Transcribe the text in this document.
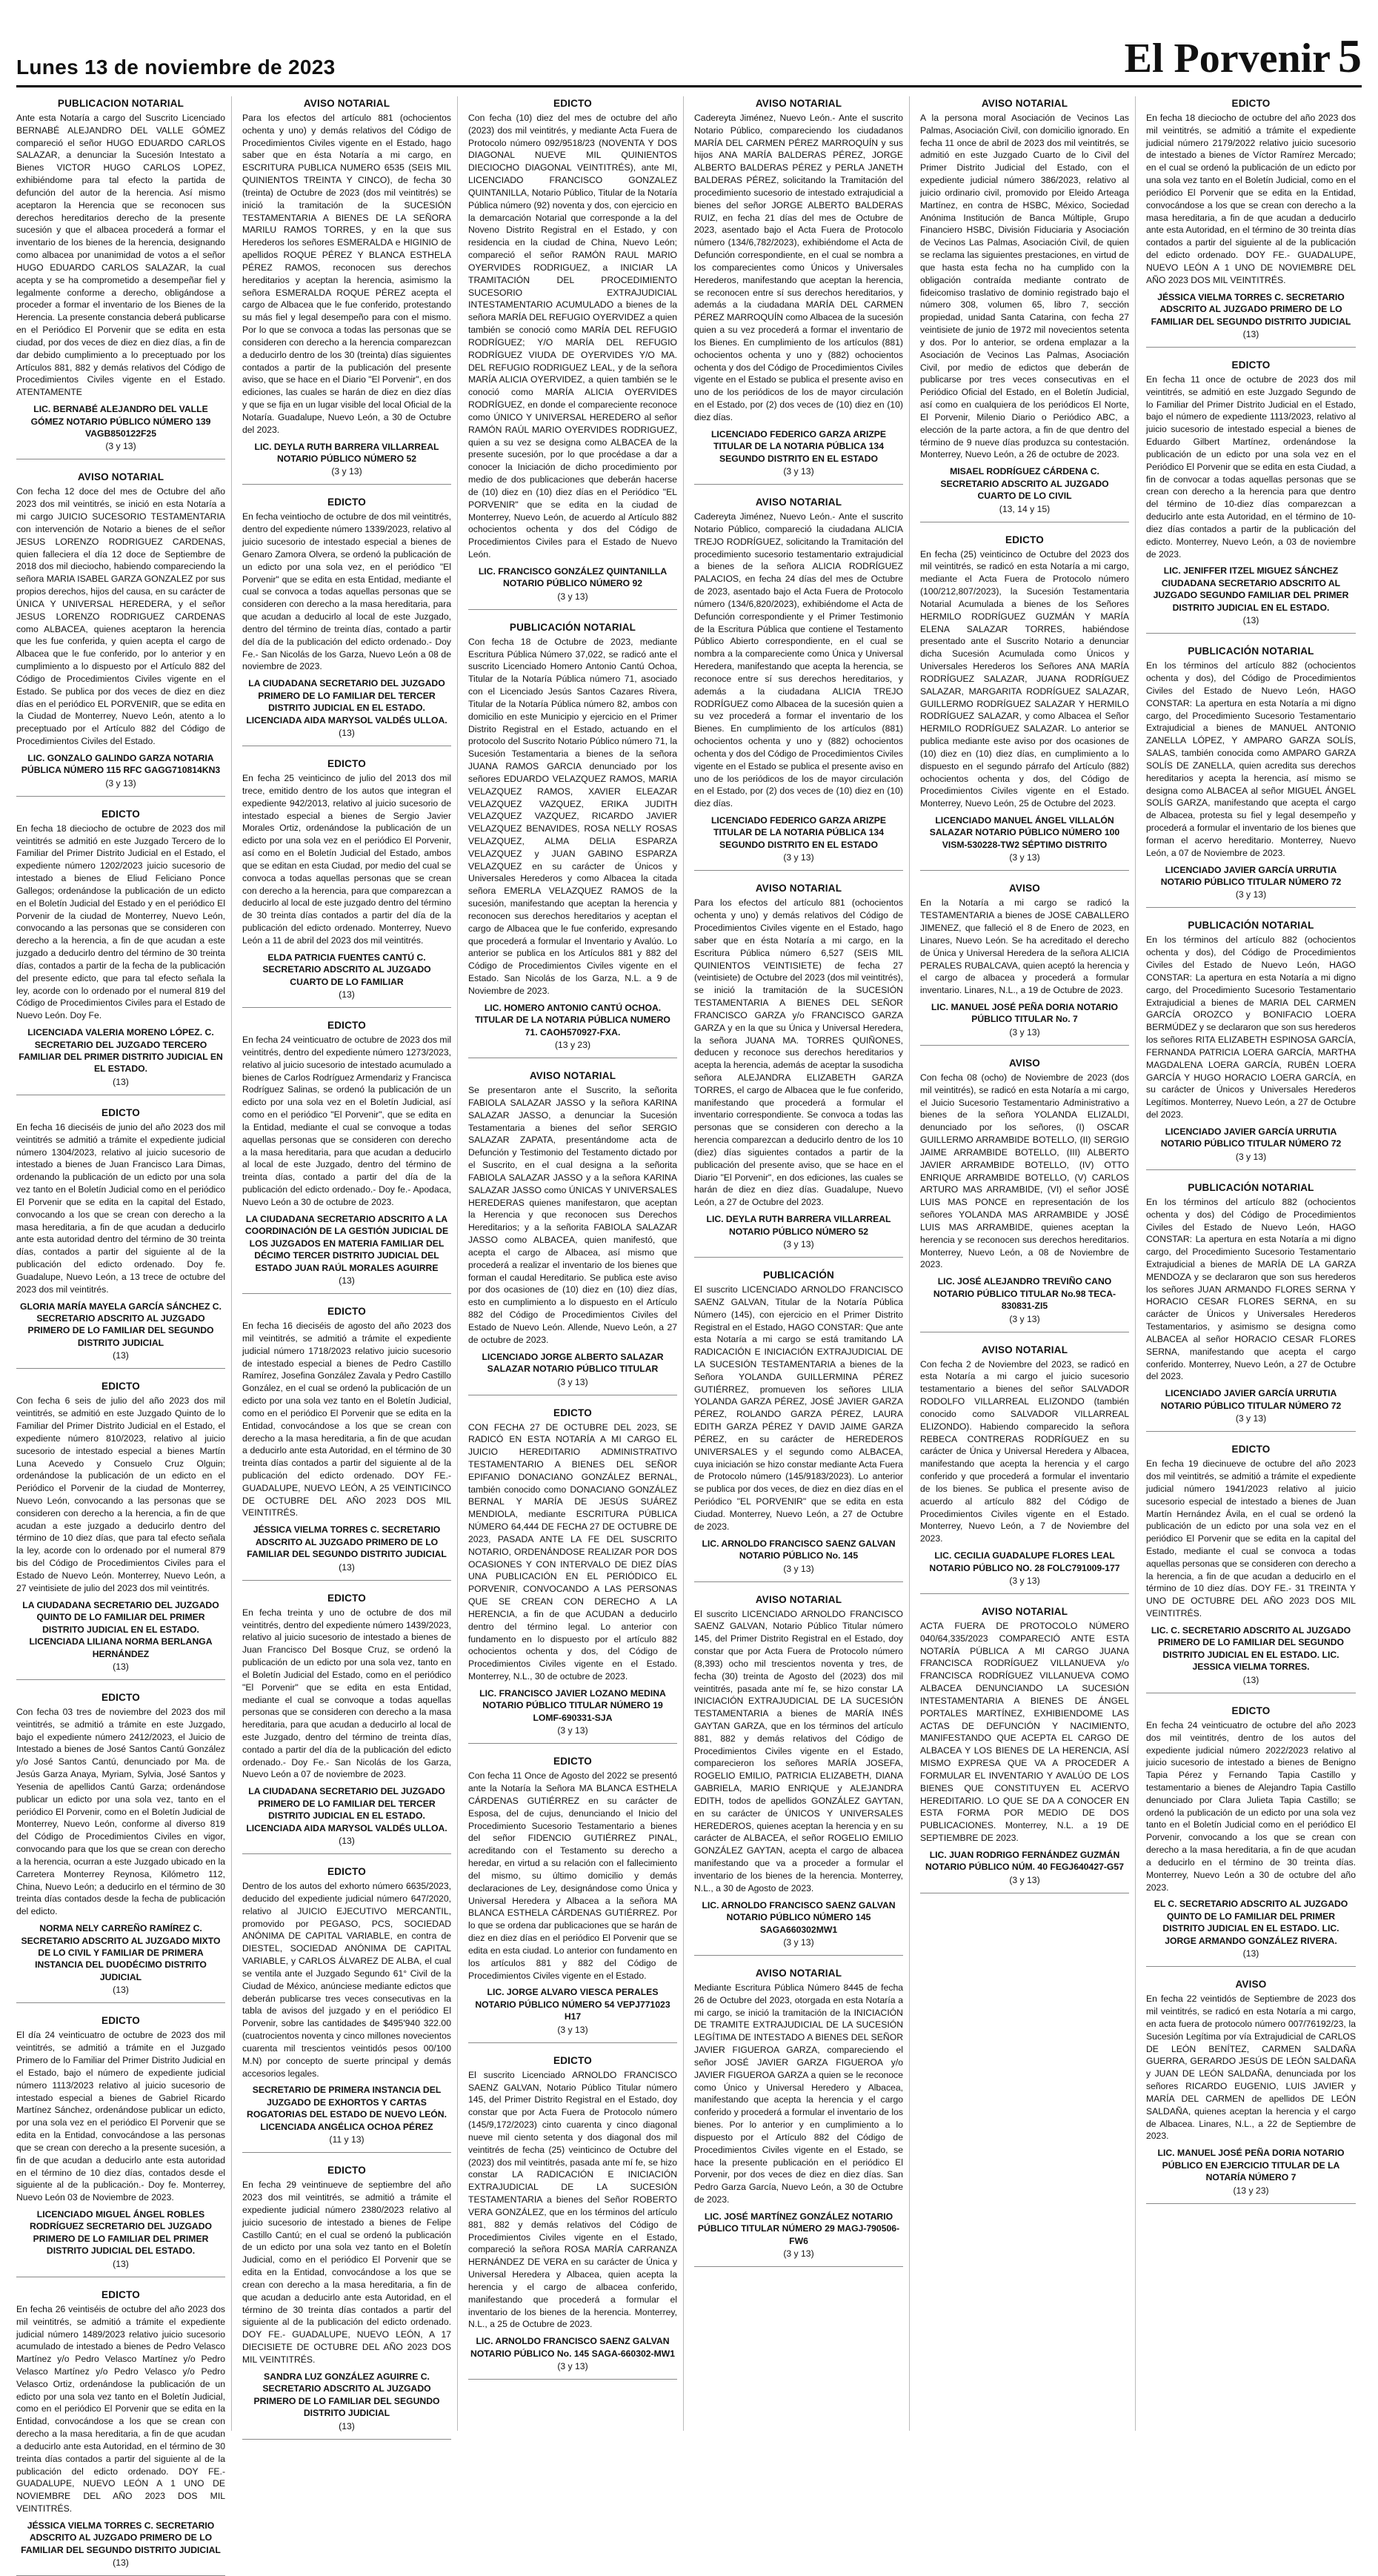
Lunes 13 de noviembre de 2023	El Porvenir 5
PUBLICACION NOTARIAL
Ante esta Notaría a cargo del Suscrito Licenciado BERNABÉ ALEJANDRO DEL VALLE GÓMEZ compareció el señor HUGO EDUARDO CARLOS SALAZAR, a denunciar la Sucesión Intestato a Bienes VICTOR HUGO CARLOS LOPEZ, exhibiéndome para tal efecto la partida de defunción del autor de la herencia. Así mismo aceptaron la Herencia que se reconocen sus derechos hereditarios derecho de la presente sucesión y que el albacea procederá a formar el inventario de los bienes de la herencia, designando como albacea por unanimidad de votos a el señor HUGO EDUARDO CARLOS SALAZAR, la cual acepta y se ha comprometido a desempeñar fiel y legalmente conforme a derecho, obligándose a proceder a formar el inventario de los Bienes de la Herencia. La presente constancia deberá publicarse en el Periódico El Porvenir que se edita en esta ciudad, por dos veces de diez en diez días, a fin de dar debido cumplimiento a lo preceptuado por los Artículos 881, 882 y demás relativos del Código de Procedimientos Civiles vigente en el Estado. ATENTAMENTE
LIC. BERNABÉ ALEJANDRO DEL VALLE GÓMEZ NOTARIO PÚBLICO NÚMERO 139 VAGB850122F25
(3 y 13)
AVISO NOTARIAL
Con fecha 12 doce del mes de Octubre del año 2023 dos mil veintitrés, se inició en esta Notaría a mi cargo JUICIO SUCESORIO TESTAMENTARIA con intervención de Notario a bienes de el señor JESUS LORENZO RODRIGUEZ CARDENAS, quien falleciera el día 12 doce de Septiembre de 2018 dos mil dieciocho, habiendo compareciendo la señora MARIA ISABEL GARZA GONZALEZ por sus propios derechos, hijos del causa, en su carácter de ÚNICA Y UNIVERSAL HEREDERA, y el señor JESUS LORENZO RODRIGUEZ CARDENAS como ALBACEA, quienes aceptaron la herencia que les fue conferida, y quien acepta el cargo de Albacea que le fue conferido, por lo anterior y en cumplimiento a lo dispuesto por el Artículo 882 del Código de Procedimientos Civiles vigente en el Estado. Se publica por dos veces de diez en diez días en el periódico EL PORVENIR, que se edita en la Ciudad de Monterrey, Nuevo León, atento a lo preceptuado por el Artículo 882 del Código de Procedimientos Civiles del Estado.
LIC. GONZALO GALINDO GARZA NOTARIA PÚBLICA NÚMERO 115 RFC GAGG710814KN3
(3 y 13)
EDICTO
En fecha 18 dieciocho de octubre de 2023 dos mil veintitrés se admitió en este Juzgado Tercero de lo Familiar del Primer Distrito Judicial en el Estado, el expediente número 1202/2023 juicio sucesorio de intestado a bienes de Eliud Feliciano Ponce Gallegos; ordenándose la publicación de un edicto en el Boletín Judicial del Estado y en el periódico El Porvenir de la ciudad de Monterrey, Nuevo León, convocando a las personas que se consideren con derecho a la herencia, a fin de que acudan a este juzgado a deducirlo dentro del término de 30 treinta días, contados a partir de la fecha de la publicación del presente edicto, que para tal efecto señala la ley, acorde con lo ordenado por el numeral 819 del Código de Procedimientos Civiles para el Estado de Nuevo León. Doy Fe.
LICENCIADA VALERIA MORENO LÓPEZ. C. SECRETARIO DEL JUZGADO TERCERO FAMILIAR DEL PRIMER DISTRITO JUDICIAL EN EL ESTADO.
(13)
EDICTO
En fecha 16 dieciséis de junio del año 2023 dos mil veintitrés se admitió a trámite el expediente judicial número 1304/2023, relativo al juicio sucesorio de intestado a bienes de Juan Francisco Lara Dimas, ordenando la publicación de un edicto por una sola vez tanto en el Boletín Judicial como en el periódico El Porvenir que se edita en la capital del Estado, convocando a los que se crean con derecho a la masa hereditaria, a fin de que acudan a deducirlo ante esta autoridad dentro del término de 30 treinta días, contados a partir del siguiente al de la publicación del edicto ordenado. Doy fe. Guadalupe, Nuevo León, a 13 trece de octubre del 2023 dos mil veintitrés.
GLORIA MARÍA MAYELA GARCÍA SÁNCHEZ C. SECRETARIO ADSCRITO AL JUZGADO PRIMERO DE LO FAMILIAR DEL SEGUNDO DISTRITO JUDICIAL
(13)
EDICTO
Con fecha 6 seis de julio del año 2023 dos mil veintitrés, se admitió en este Juzgado Quinto de lo Familiar del Primer Distrito Judicial en el Estado, el expediente número 810/2023, relativo al juicio sucesorio de intestado especial a bienes Martín Luna Acevedo y Consuelo Cruz Olguin; ordenándose la publicación de un edicto en el Periódico el Porvenir de la ciudad de Monterrey, Nuevo León, convocando a las personas que se consideren con derecho a la herencia, a fin de que acudan a este juzgado a deducirlo dentro del término de 10 diez días, que para tal efecto señala la ley, acorde con lo ordenado por el numeral 879 bis del Código de Procedimientos Civiles para el Estado de Nuevo León. Monterrey, Nuevo León, a 27 veintisiete de julio del 2023 dos mil veintitrés.
LA CIUDADANA SECRETARIO DEL JUZGADO QUINTO DE LO FAMILIAR DEL PRIMER DISTRITO JUDICIAL EN EL ESTADO. LICENCIADA LILIANA NORMA BERLANGA HERNÁNDEZ
(13)
EDICTO
Con fecha 03 tres de noviembre del 2023 dos mil veintitrés, se admitió a trámite en este Juzgado, bajo el expediente número 2412/2023, el Juicio de Intestado a bienes de José Santos Cantú González y/o José Santos Cantú, denunciado por Ma. de Jesús Garza Anaya, Myriam, Sylvia, José Santos y Yesenia de apellidos Cantú Garza; ordenándose publicar un edicto por una sola vez, tanto en el periódico El Porvenir, como en el Boletín Judicial de Monterrey, Nuevo León, conforme al diverso 819 del Código de Procedimientos Civiles en vigor, convocando para que los que se crean con derecho a la herencia, ocurran a este Juzgado ubicado en la Carretera Monterrey Reynosa, Kilómetro 112, China, Nuevo León; a deducirlo en el término de 30 treinta días contados desde la fecha de publicación del edicto.
NORMA NELY CARREÑO RAMÍREZ C. SECRETARIO ADSCRITO AL JUZGADO MIXTO DE LO CIVIL Y FAMILIAR DE PRIMERA INSTANCIA DEL DUODÉCIMO DISTRITO JUDICIAL
(13)
EDICTO
El día 24 veinticuatro de octubre de 2023 dos mil veintitrés, se admitió a trámite en el Juzgado Primero de lo Familiar del Primer Distrito Judicial en el Estado, bajo el número de expediente judicial número 1113/2023 relativo al juicio sucesorio de intestado especial a bienes de Gabriel Ricardo Martínez Sánchez, ordenándose publicar un edicto, por una sola vez en el periódico El Porvenir que se edita en la Entidad, convocándose a las personas que se crean con derecho a la presente sucesión, a fin de que acudan a deducirlo ante esta autoridad en el término de 10 diez días, contados desde el siguiente al de la publicación.- Doy fe. Monterrey, Nuevo León 03 de Noviembre de 2023.
LICENCIADO MIGUEL ÁNGEL ROBLES RODRÍGUEZ SECRETARIO DEL JUZGADO PRIMERO DE LO FAMILIAR DEL PRIMER DISTRITO JUDICIAL DEL ESTADO.
(13)
EDICTO
En fecha 26 veintiséis de octubre del año 2023 dos mil veintitrés, se admitió a trámite el expediente judicial número 1489/2023 relativo juicio sucesorio acumulado de intestado a bienes de Pedro Velasco Martínez y/o Pedro Velasco Martínez y/o Pedro Velasco Martínez y/o Pedro Velasco y/o Pedro Velasco Ortiz, ordenándose la publicación de un edicto por una sola vez tanto en el Boletín Judicial, como en el periódico El Porvenir que se edita en la Entidad, convocándose a los que se crean con derecho a la masa hereditaria, a fin de que acudan a deducirlo ante esta Autoridad, en el término de 30 treinta días contados a partir del siguiente al de la publicación del edicto ordenado. DOY FE.- GUADALUPE, NUEVO LEÓN A 1 UNO DE NOVIEMBRE DEL AÑO 2023 DOS MIL VEINTITRÉS.
JÉSSICA VIELMA TORRES C. SECRETARIO ADSCRITO AL JUZGADO PRIMERO DE LO FAMILIAR DEL SEGUNDO DISTRITO JUDICIAL
(13)
AVISO NOTARIAL
Para los efectos del artículo 881 (ochocientos ochenta y uno) y demás relativos del Código de Procedimientos Civiles vigente en el Estado, hago saber que en ésta Notaría a mi cargo, en ESCRITURA PUBLICA NUMERO 6535 (SEIS MIL QUINIENTOS TREINTA Y CINCO), de fecha 30 (treinta) de Octubre de 2023 (dos mil veintitrés) se inició la tramitación de la SUCESIÓN TESTAMENTARIA A BIENES DE LA SEÑORA MARILU RAMOS TORRES, y en la que sus Herederos los señores ESMERALDA e HIGINIO de apellidos ROQUE PÉREZ Y BLANCA ESTHELA PÉREZ RAMOS, reconocen sus derechos hereditarios y aceptan la herencia, asimismo la señora ESMERALDA ROQUE PÉREZ acepta el cargo de Albacea que le fue conferido, protestando su más fiel y legal desempeño para con el mismo. Por lo que se convoca a todas las personas que se consideren con derecho a la herencia comparezcan a deducirlo dentro de los 30 (treinta) días siguientes contados a partir de la publicación del presente aviso, que se hace en el Diario "El Porvenir", en dos ediciones, las cuales se harán de diez en diez días y que se fija en un lugar visible del local Oficial de la Notaría. Guadalupe, Nuevo León, a 30 de Octubre del 2023.
LIC. DEYLA RUTH BARRERA VILLARREAL NOTARIO PÚBLICO NÚMERO 52
(3 y 13)
EDICTO
En fecha veintiocho de octubre de dos mil veintitrés, dentro del expediente número 1339/2023, relativo al juicio sucesorio de intestado especial a bienes de Genaro Zamora Olvera, se ordenó la publicación de un edicto por una sola vez, en el periódico "El Porvenir" que se edita en esta Entidad, mediante el cual se convoca a todas aquellas personas que se consideren con derecho a la masa hereditaria, para que acudan a deducirlo al local de este Juzgado, dentro del término de treinta días, contado a partir del día de la publicación del edicto ordenado.- Doy Fe.- San Nicolás de los Garza, Nuevo León a 08 de noviembre de 2023.
LA CIUDADANA SECRETARIO DEL JUZGADO PRIMERO DE LO FAMILIAR DEL TERCER DISTRITO JUDICIAL EN EL ESTADO. LICENCIADA AIDA MARYSOL VALDÉS ULLOA.
(13)
EDICTO
En fecha 25 veinticinco de julio del 2013 dos mil trece, emitido dentro de los autos que integran el expediente 942/2013, relativo al juicio sucesorio de intestado especial a bienes de Sergio Javier Morales Ortiz, ordenándose la publicación de un edicto por una sola vez en el periódico El Porvenir, así como en el Boletín Judicial del Estado, ambos que se editan en esta Ciudad, por medio del cual se convoca a todas aquellas personas que se crean con derecho a la herencia, para que comparezcan a deducirlo al local de este juzgado dentro del término de 30 treinta días contados a partir del día de la publicación del edicto ordenado. Monterrey, Nuevo León a 11 de abril del 2023 dos mil veintitrés.
ELDA PATRICIA FUENTES CANTÚ C. SECRETARIO ADSCRITO AL JUZGADO CUARTO DE LO FAMILIAR
(13)
EDICTO
En fecha 24 veinticuatro de octubre de 2023 dos mil veintitrés, dentro del expediente número 1273/2023, relativo al juicio sucesorio de intestado acumulado a bienes de Carlos Rodríguez Armendariz y Francisca Rodríguez Salinas, se ordenó la publicación de un edicto por una sola vez en el Boletín Judicial, así como en el periódico "El Porvenir", que se edita en la Entidad, mediante el cual se convoque a todas aquellas personas que se consideren con derecho a la masa hereditaria, para que acudan a deducirlo al local de este Juzgado, dentro del término de treinta días, contado a partir del día de la publicación del edicto ordenado.- Doy fe.- Apodaca, Nuevo León a 30 de octubre de 2023.
LA CIUDADANA SECRETARIO ADSCRITO A LA COORDINACIÓN DE LA GESTIÓN JUDICIAL DE LOS JUZGADOS EN MATERIA FAMILIAR DEL DÉCIMO TERCER DISTRITO JUDICIAL DEL ESTADO JUAN RAÚL MORALES AGUIRRE
(13)
EDICTO
En fecha 16 dieciséis de agosto del año 2023 dos mil veintitrés, se admitió a trámite el expediente judicial número 1718/2023 relativo juicio sucesorio de intestado especial a bienes de Pedro Castillo Ramírez, Josefina González Zavala y Pedro Castillo González, en el cual se ordenó la publicación de un edicto por una sola vez tanto en el Boletín Judicial, como en el periódico El Porvenir que se edita en la Entidad, convocándose a los que se crean con derecho a la masa hereditaria, a fin de que acudan a deducirlo ante esta Autoridad, en el término de 30 treinta días contados a partir del siguiente al de la publicación del edicto ordenado. DOY FE.- GUADALUPE, NUEVO LEÓN, A 25 VEINTICINCO DE OCTUBRE DEL AÑO 2023 DOS MIL VEINTITRÉS.
JÉSSICA VIELMA TORRES C. SECRETARIO ADSCRITO AL JUZGADO PRIMERO DE LO FAMILIAR DEL SEGUNDO DISTRITO JUDICIAL
(13)
EDICTO
En fecha treinta y uno de octubre de dos mil veintitrés, dentro del expediente número 1439/2023, relativo al juicio sucesorio de intestado a bienes de Juan Francisco Del Bosque Cruz, se ordenó la publicación de un edicto por una sola vez, tanto en el Boletín Judicial del Estado, como en el periódico "El Porvenir" que se edita en esta Entidad, mediante el cual se convoque a todas aquellas personas que se consideren con derecho a la masa hereditaria, para que acudan a deducirlo al local de este Juzgado, dentro del término de treinta días, contado a partir del día de la publicación del edicto ordenado.- Doy Fe.- San Nicolás de los Garza, Nuevo León a 07 de noviembre de 2023.
LA CIUDADANA SECRETARIO DEL JUZGADO PRIMERO DE LO FAMILIAR DEL TERCER DISTRITO JUDICIAL EN EL ESTADO. LICENCIADA AIDA MARYSOL VALDÉS ULLOA.
(13)
EDICTO
Dentro de los autos del exhorto número 6635/2023, deducido del expediente judicial número 647/2020, relativo al JUICIO EJECUTIVO MERCANTIL, promovido por PEGASO, PCS, SOCIEDAD ANÓNIMA DE CAPITAL VARIABLE, en contra de DIESTEL, SOCIEDAD ANÓNIMA DE CAPITAL VARIABLE, y CARLOS ÁLVAREZ DE ALBA, el cual se ventila ante el Juzgado Segundo 61° Civil de la Ciudad de México, anúnciese mediante edictos que deberán publicarse tres veces consecutivas en la tabla de avisos del juzgado y en el periódico El Porvenir, sobre las cantidades de $495'940 322.00 (cuatrocientos noventa y cinco millones novecientos cuarenta mil trescientos veintidós pesos 00/100 M.N) por concepto de suerte principal y demás accesorios legales.
SECRETARIO DE PRIMERA INSTANCIA DEL JUZGADO DE EXHORTOS Y CARTAS ROGATORIAS DEL ESTADO DE NUEVO LEÓN. LICENCIADA ANGÉLICA OCHOA PÉREZ
(11 y 13)
EDICTO
En fecha 29 veintinueve de septiembre del año 2023 dos mil veintitrés, se admitió a trámite el expediente judicial número 2380/2023 relativo al juicio sucesorio de intestado a bienes de Felipe Castillo Cantú; en el cual se ordenó la publicación de un edicto por una sola vez tanto en el Boletín Judicial, como en el periódico El Porvenir que se edita en la Entidad, convocándose a los que se crean con derecho a la masa hereditaria, a fin de que acudan a deducirlo ante esta Autoridad, en el término de 30 treinta días contados a partir del siguiente al de la publicación del edicto ordenado. DOY FE.- GUADALUPE, NUEVO LEÓN, A 17 DIECISIETE DE OCTUBRE DEL AÑO 2023 DOS MIL VEINTITRÉS.
SANDRA LUZ GONZÁLEZ AGUIRRE C. SECRETARIO ADSCRITO AL JUZGADO PRIMERO DE LO FAMILIAR DEL SEGUNDO DISTRITO JUDICIAL
(13)
EDICTO
Con fecha (10) diez del mes de octubre del año (2023) dos mil veintitrés, y mediante Acta Fuera de Protocolo número 092/9518/23 (NOVENTA Y DOS DIAGONAL NUEVE MIL QUINIENTOS DIECIOCHO DIAGONAL VEINTITRÉS), ante MI, LICENCIADO FRANCISCO GONZALEZ QUINTANILLA, Notario Público, Titular de la Notaría Pública número (92) noventa y dos, con ejercicio en la demarcación Notarial que corresponde a la del Noveno Distrito Registral en el Estado, y con residencia en la ciudad de China, Nuevo León; compareció el señor RAMÓN RAUL MARIO OYERVIDES RODRIGUEZ, a INICIAR LA TRAMITACIÓN DEL PROCEDIMIENTO SUCESORIO EXTRAJUDICIAL INTESTAMENTARIO ACUMULADO a bienes de la señora MARÍA DEL REFUGIO OYERVIDEZ a quien también se conoció como MARÍA DEL REFUGIO RODRÍGUEZ; Y/O MARÍA DEL REFUGIO RODRÍGUEZ VIUDA DE OYERVIDES Y/O MA. DEL REFUGIO RODRIGUEZ LEAL, y de la señora MARÍA ALICIA OYERVIDEZ, a quien también se le conoció como MARÍA ALICIA OYERVIDES RODRÍGUEZ, en donde el compareciente reconoce como ÚNICO Y UNIVERSAL HEREDERO al señor RAMÓN RAÚL MARIO OYERVIDES RODRIGUEZ, quien a su vez se designa como ALBACEA de la presente sucesión, por lo que procédase a dar a conocer la Iniciación de dicho procedimiento por medio de dos publicaciones que deberán hacerse de (10) diez en (10) diez días en el Periódico "EL PORVENIR" que se edita en la ciudad de Monterrey, Nuevo León, de acuerdo al Artículo 882 ochocientos ochenta y dos del Código de Procedimientos Civiles para el Estado de Nuevo León.
LIC. FRANCISCO GONZÁLEZ QUINTANILLA NOTARIO PÚBLICO NÚMERO 92
(3 y 13)
PUBLICACIÓN NOTARIAL
Con fecha 18 de Octubre de 2023, mediante Escritura Pública Número 37,022, se radicó ante el suscrito Licenciado Homero Antonio Cantú Ochoa, Titular de la Notaría Pública número 71, asociado con el Licenciado Jesús Santos Cazares Rivera, Titular de la Notaría Pública número 82, ambos con domicilio en este Municipio y ejercicio en el Primer Distrito Registral en el Estado, actuando en el protocolo del Suscrito Notario Público número 71, la Sucesión Testamentaria a bienes de la señora JUANA RAMOS GARCIA denunciado por los señores EDUARDO VELAZQUEZ RAMOS, MARIA VELAZQUEZ RAMOS, XAVIER ELEAZAR VELAZQUEZ VAZQUEZ, ERIKA JUDITH VELAZQUEZ VAZQUEZ, RICARDO JAVIER VELAZQUEZ BENAVIDES, ROSA NELLY ROSAS VELAZQUEZ, ALMA DELIA ESPARZA VELAZQUEZ y JUAN GABINO ESPARZA VELAZQUEZ en su carácter de Únicos y Universales Herederos y como Albacea la citada señora EMERLA VELAZQUEZ RAMOS de la sucesión, manifestando que aceptan la herencia y reconocen sus derechos hereditarios y aceptan el cargo de Albacea que le fue conferido, expresando que procederá a formular el Inventario y Avalúo. Lo anterior se publica en los Artículos 881 y 882 del Código de Procedimientos Civiles vigente en el Estado. San Nicolás de los Garza, N.L. a 9 de Noviembre de 2023.
LIC. HOMERO ANTONIO CANTÚ OCHOA. TITULAR DE LA NOTARIA PÚBLICA NUMERO 71. CAOH570927-FXA.
(13 y 23)
AVISO NOTARIAL
Se presentaron ante el Suscrito, la señorita FABIOLA SALAZAR JASSO y la señora KARINA SALAZAR JASSO, a denunciar la Sucesión Testamentaria a bienes del señor SERGIO SALAZAR ZAPATA, presentándome acta de Defunción y Testimonio del Testamento dictado por el Suscrito, en el cual designa a la señorita FABIOLA SALAZAR JASSO y a la señora KARINA SALAZAR JASSO como ÚNICAS Y UNIVERSALES HEREDERAS quienes manifestaron, que aceptan la Herencia y que reconocen sus Derechos Hereditarios; y a la señorita FABIOLA SALAZAR JASSO como ALBACEA, quien manifestó, que acepta el cargo de Albacea, así mismo que procederá a realizar el inventario de los bienes que forman el caudal Hereditario. Se publica este aviso por dos ocasiones de (10) diez en (10) diez días, esto en cumplimiento a lo dispuesto en el Artículo 882 del Código de Procedimientos Civiles del Estado de Nuevo León. Allende, Nuevo León, a 27 de octubre de 2023.
LICENCIADO JORGE ALBERTO SALAZAR SALAZAR NOTARIO PÚBLICO TITULAR
(3 y 13)
EDICTO
CON FECHA 27 DE OCTUBRE DEL 2023, SE RADICÓ EN ESTA NOTARÍA A MI CARGO EL JUICIO HEREDITARIO ADMINISTRATIVO TESTAMENTARIO A BIENES DEL SEÑOR EPIFANIO DONACIANO GONZÁLEZ BERNAL, también conocido como DONACIANO GONZÁLEZ BERNAL Y MARÍA DE JESÚS SUÁREZ MENDIOLA, mediante ESCRITURA PÚBLICA NÚMERO 64,444 DE FECHA 27 DE OCTUBRE DE 2023, PASADA ANTE LA FE DEL SUSCRITO NOTARIO, ORDENÁNDOSE REALIZAR POR DOS OCASIONES Y CON INTERVALO DE DIEZ DÍAS UNA PUBLICACIÓN EN EL PERIÓDICO EL PORVENIR, CONVOCANDO A LAS PERSONAS QUE SE CREAN CON DERECHO A LA HERENCIA, a fin de que ACUDAN a deducirlo dentro del término legal. Lo anterior con fundamento en lo dispuesto por el artículo 882 ochocientos ochenta y dos, del Código de Procedimientos Civiles vigente en el Estado. Monterrey, N.L., 30 de octubre de 2023.
LIC. FRANCISCO JAVIER LOZANO MEDINA NOTARIO PÚBLICO TITULAR NÚMERO 19 LOMF-690331-SJA
(3 y 13)
EDICTO
Con fecha 11 Once de Agosto del 2022 se presentó ante la Notaría la Señora MA BLANCA ESTHELA CÁRDENAS GUTIÉRREZ en su carácter de Esposa, del de cujus, denunciando el Inicio del Procedimiento Sucesorio Testamentario a bienes del señor FIDENCIO GUTIÉRREZ PINAL, acreditando con el Testamento su derecho a heredar, en virtud a su relación con el fallecimiento del mismo, su último domicilio y demás declaraciones de Ley, designándose como Única y Universal Heredera y Albacea a la señora MA BLANCA ESTHELA CÁRDENAS GUTIÉRREZ. Por lo que se ordena dar publicaciones que se harán de diez en diez días en el periódico El Porvenir que se edita en esta ciudad. Lo anterior con fundamento en los artículos 881 y 882 del Código de Procedimientos Civiles vigente en el Estado.
LIC. JORGE ALVARO VIESCA PERALES NOTARIO PÚBLICO NÚMERO 54 VEPJ771023 H17
(3 y 13)
EDICTO
El suscrito Licenciado ARNOLDO FRANCISCO SAENZ GALVAN, Notario Público Titular número 145, del Primer Distrito Registral en el Estado, doy constar que por Acta Fuera de Protocolo número (145/9,172/2023) cinto cuarenta y cinco diagonal nueve mil ciento setenta y dos diagonal dos mil veintitrés de fecha (25) veinticinco de Octubre del (2023) dos mil veintitrés, pasada ante mí fe, se hizo constar LA RADICACIÓN E INICIACIÓN EXTRAJUDICIAL DE LA SUCESIÓN TESTAMENTARIA a bienes del Señor ROBERTO VERA GONZÁLEZ, que en los términos del artículo 881, 882 y demás relativos del Código de Procedimientos Civiles vigente en el Estado, compareció la señora ROSA MARÍA CARRANZA HERNÁNDEZ DE VERA en su carácter de Única y Universal Heredera y Albacea, quien acepta la herencia y el cargo de albacea conferido, manifestando que procederá a formular el inventario de los bienes de la herencia. Monterrey, N.L., a 25 de Octubre de 2023.
LIC. ARNOLDO FRANCISCO SAENZ GALVAN NOTARIO PÚBLICO No. 145 SAGA-660302-MW1
(3 y 13)
AVISO NOTARIAL
Cadereyta Jiménez, Nuevo León.- Ante el suscrito Notario Público, compareciendo los ciudadanos MARÍA DEL CARMEN PÉREZ MARROQUÍN y sus hijos ANA MARÍA BALDERAS PÉREZ, JORGE ALBERTO BALDERAS PÉREZ y PERLA JANETH BALDERAS PÉREZ, solicitando la Tramitación del procedimiento sucesorio de intestado extrajudicial a bienes del señor JORGE ALBERTO BALDERAS RUIZ, en fecha 21 días del mes de Octubre de 2023, asentado bajo el Acta Fuera de Protocolo número (134/6,782/2023), exhibiéndome el Acta de Defunción correspondiente, en el cual se nombra a los comparecientes como Únicos y Universales Herederos, manifestando que aceptan la herencia, se reconocen entre sí sus derechos hereditarios, y además a la ciudadana MARÍA DEL CARMEN PÉREZ MARROQUÍN como Albacea de la sucesión quien a su vez procederá a formar el inventario de los Bienes. En cumplimiento de los artículos (881) ochocientos ochenta y uno y (882) ochocientos ochenta y dos del Código de Procedimientos Civiles vigente en el Estado se publica el presente aviso en uno de los periódicos de los de mayor circulación en el Estado, por (2) dos veces de (10) diez en (10) diez días.
LICENCIADO FEDERICO GARZA ARIZPE TITULAR DE LA NOTARIA PÚBLICA 134 SEGUNDO DISTRITO EN EL ESTADO
(3 y 13)
AVISO NOTARIAL
Cadereyta Jiménez, Nuevo León.- Ante el suscrito Notario Público, compareció la ciudadana ALICIA TREJO RODRÍGUEZ, solicitando la Tramitación del procedimiento sucesorio testamentario extrajudicial a bienes de la señora ALICIA RODRÍGUEZ PALACIOS, en fecha 24 días del mes de Octubre de 2023, asentado bajo el Acta Fuera de Protocolo número (134/6,820/2023), exhibiéndome el Acta de Defunción correspondiente y el Primer Testimonio de la Escritura Pública que contiene el Testamento Público Abierto correspondiente, en el cual se nombra a la compareciente como Única y Universal Heredera, manifestando que acepta la herencia, se reconoce entre sí sus derechos hereditarios, y además a la ciudadana ALICIA TREJO RODRÍGUEZ como Albacea de la sucesión quien a su vez procederá a formar el inventario de los Bienes. En cumplimiento de los artículos (881) ochocientos ochenta y uno y (882) ochocientos ochenta y dos del Código de Procedimientos Civiles vigente en el Estado se publica el presente aviso en uno de los periódicos de los de mayor circulación en el Estado, por (2) dos veces de (10) diez en (10) diez días.
LICENCIADO FEDERICO GARZA ARIZPE TITULAR DE LA NOTARIA PÚBLICA 134 SEGUNDO DISTRITO EN EL ESTADO
(3 y 13)
AVISO NOTARIAL
Para los efectos del artículo 881 (ochocientos ochenta y uno) y demás relativos del Código de Procedimientos Civiles vigente en el Estado, hago saber que en ésta Notaría a mi cargo, en la Escritura Pública número 6,527 (SEIS MIL QUINIENTOS VEINTISIETE) de fecha 27 (veintisiete) de Octubre del 2023 (dos mil veintitrés), se inició la tramitación de la SUCESIÓN TESTAMENTARIA A BIENES DEL SEÑOR FRANCISCO GARZA y/o FRANCISCO GARZA GARZA y en la que su Única y Universal Heredera, la señora JUANA MA. TORRES QUIÑONES, deducen y reconoce sus derechos hereditarios y acepta la herencia, además de aceptar la susodicha señora ALEJANDRA ELIZABETH GARZA TORRES, el cargo de Albacea que le fue conferido, manifestando que procederá a formular el inventario correspondiente. Se convoca a todas las personas que se consideren con derecho a la herencia comparezcan a deducirlo dentro de los 10 (diez) días siguientes contados a partir de la publicación del presente aviso, que se hace en el Diario "El Porvenir", en dos ediciones, las cuales se harán de diez en diez días. Guadalupe, Nuevo León, a 27 de Octubre del 2023.
LIC. DEYLA RUTH BARRERA VILLARREAL NOTARIO PÚBLICO NÚMERO 52
(3 y 13)
PUBLICACIÓN
El suscrito LICENCIADO ARNOLDO FRANCISCO SAENZ GALVAN, Titular de la Notaría Pública Número (145), con ejercicio en el Primer Distrito Registral en el Estado, HAGO CONSTAR: Que ante esta Notaría a mi cargo se está tramitando LA RADICACIÓN E INICIACIÓN EXTRAJUDICIAL DE LA SUCESIÓN TESTAMENTARIA a bienes de la Señora YOLANDA GUILLERMINA PÉREZ GUTIÉRREZ, promueven los señores LILIA YOLANDA GARZA PÉREZ, JOSÉ JAVIER GARZA PÉREZ, ROLANDO GARZA PÉREZ, LAURA EDITH GARZA PÉREZ Y DAVID JAIME GARZA PÉREZ, en su carácter de HEREDEROS UNIVERSALES y el segundo como ALBACEA, cuya iniciación se hizo constar mediante Acta Fuera de Protocolo número (145/9183/2023). Lo anterior se publica por dos veces, de diez en diez días en el Periódico "EL PORVENIR" que se edita en esta Ciudad. Monterrey, Nuevo León, a 27 de Octubre de 2023.
LIC. ARNOLDO FRANCISCO SAENZ GALVAN NOTARIO PÚBLICO No. 145
(3 y 13)
AVISO NOTARIAL
El suscrito LICENCIADO ARNOLDO FRANCISCO SAENZ GALVAN, Notario Público Titular número 145, del Primer Distrito Registral en el Estado, doy constar que por Acta Fuera de Protocolo número (8,393) ocho mil trescientos noventa y tres, de fecha (30) treinta de Agosto del (2023) dos mil veintitrés, pasada ante mí fe, se hizo constar LA INICIACIÓN EXTRAJUDICIAL DE LA SUCESIÓN TESTAMENTARIA a bienes de MARÍA INÉS GAYTAN GARZA, que en los términos del artículo 881, 882 y demás relativos del Código de Procedimientos Civiles vigente en el Estado, comparecieron los señores MARÍA JOSEFA, ROGELIO EMILIO, PATRICIA ELIZABETH, DIANA GABRIELA, MARIO ENRIQUE y ALEJANDRA EDITH, todos de apellidos GONZÁLEZ GAYTAN, en su carácter de ÚNICOS Y UNIVERSALES HEREDEROS, quienes aceptan la herencia y en su carácter de ALBACEA, el señor ROGELIO EMILIO GONZÁLEZ GAYTAN, acepta el cargo de albacea manifestando que va a proceder a formular el inventario de los bienes de la herencia. Monterrey, N.L., a 30 de Agosto de 2023.
LIC. ARNOLDO FRANCISCO SAENZ GALVAN NOTARIO PÚBLICO NÚMERO 145 SAGA660302MW1
(3 y 13)
AVISO NOTARIAL
Mediante Escritura Pública Número 8445 de fecha 26 de Octubre del 2023, otorgada en esta Notaría a mi cargo, se inició la tramitación de la INICIACIÓN DE TRAMITE EXTRAJUDICIAL DE LA SUCESIÓN LEGÍTIMA DE INTESTADO A BIENES DEL SEÑOR JAVIER FIGUEROA GARZA, compareciendo el señor JOSÉ JAVIER GARZA FIGUEROA y/o JAVIER FIGUEROA GARZA a quien se le reconoce como Único y Universal Heredero y Albacea, manifestando que acepta la herencia y el cargo conferido y procederá a formular el inventario de los bienes. Por lo anterior y en cumplimiento a lo dispuesto por el Artículo 882 del Código de Procedimientos Civiles vigente en el Estado, se hace la presente publicación en el periódico El Porvenir, por dos veces de diez en diez días. San Pedro Garza García, Nuevo León, a 30 de Octubre de 2023.
LIC. JOSÉ MARTÍNEZ GONZÁLEZ NOTARIO PÚBLICO TITULAR NÚMERO 29 MAGJ-790506-FW6
(3 y 13)
AVISO NOTARIAL
A la persona moral Asociación de Vecinos Las Palmas, Asociación Civil, con domicilio ignorado. En fecha 11 once de abril de 2023 dos mil veintitrés, se admitió en este Juzgado Cuarto de lo Civil del Primer Distrito Judicial del Estado, con el expediente judicial número 386/2023, relativo al juicio ordinario civil, promovido por Eleido Arteaga Martínez, en contra de HSBC, México, Sociedad Anónima Institución de Banca Múltiple, Grupo Financiero HSBC, División Fiduciaria y Asociación de Vecinos Las Palmas, Asociación Civil, de quien se reclama las siguientes prestaciones, en virtud de que hasta esta fecha no ha cumplido con la obligación contraída mediante contrato de fideicomiso traslativo de dominio registrado bajo el número 308, volumen 65, libro 7, sección propiedad, unidad Santa Catarina, con fecha 27 veintisiete de junio de 1972 mil novecientos setenta y dos. Por lo anterior, se ordena emplazar a la Asociación de Vecinos Las Palmas, Asociación Civil, por medio de edictos que deberán de publicarse por tres veces consecutivas en el Periódico Oficial del Estado, en el Boletín Judicial, así como en cualquiera de los periódicos El Norte, El Porvenir, Milenio Diario o Periódico ABC, a elección de la parte actora, a fin de que dentro del término de 9 nueve días produzca su contestación. Monterrey, Nuevo León, a 26 de octubre de 2023.
MISAEL RODRÍGUEZ CÁRDENA C. SECRETARIO ADSCRITO AL JUZGADO CUARTO DE LO CIVIL
(13, 14 y 15)
EDICTO
En fecha (25) veinticinco de Octubre del 2023 dos mil veintitrés, se radicó en esta Notaría a mi cargo, mediante el Acta Fuera de Protocolo número (100/212,807/2023), la Sucesión Testamentaria Notarial Acumulada a bienes de los Señores HERMILO RODRÍGUEZ GUZMÁN Y MARÍA ELENA SALAZAR TORRES, habiéndose presentado ante el Suscrito Notario a denunciar dicha Sucesión Acumulada como Únicos y Universales Herederos los Señores ANA MARÍA RODRÍGUEZ SALAZAR, JUANA RODRÍGUEZ SALAZAR, MARGARITA RODRÍGUEZ SALAZAR, GUILLERMO RODRÍGUEZ SALAZAR Y HERMILO RODRÍGUEZ SALAZAR, y como Albacea el Señor HERMILO RODRÍGUEZ SALAZAR. Lo anterior se publica mediante este aviso por dos ocasiones de (10) diez en (10) diez días, en cumplimiento a lo dispuesto en el segundo párrafo del Artículo (882) ochocientos ochenta y dos, del Código de Procedimientos Civiles vigente en el Estado. Monterrey, Nuevo León, 25 de Octubre del 2023.
LICENCIADO MANUEL ÁNGEL VILLALÓN SALAZAR NOTARIO PÚBLICO NÚMERO 100 VISM-530228-TW2 SÉPTIMO DISTRITO
(3 y 13)
AVISO
En la Notaría a mi cargo se radicó la TESTAMENTARIA a bienes de JOSE CABALLERO JIMENEZ, que falleció el 8 de Enero de 2023, en Linares, Nuevo León. Se ha acreditado el derecho de Única y Universal Heredera de la señora ALICIA PERALES RUBALCAVA, quien aceptó la herencia y el cargo de albacea y procederá a formular inventario. Linares, N.L., a 19 de Octubre de 2023.
LIC. MANUEL JOSÉ PEÑA DORIA NOTARIO PÚBLICO TITULAR No. 7
(3 y 13)
AVISO
Con fecha 08 (ocho) de Noviembre de 2023 (dos mil veintitrés), se radicó en esta Notaría a mi cargo, el Juicio Sucesorio Testamentario Administrativo a bienes de la señora YOLANDA ELIZALDI, denunciado por los señores, (I) OSCAR GUILLERMO ARRAMBIDE BOTELLO, (II) SERGIO JAIME ARRAMBIDE BOTELLO, (III) ALBERTO JAVIER ARRAMBIDE BOTELLO, (IV) OTTO ENRIQUE ARRAMBIDE BOTELLO, (V) CARLOS ARTURO MAS ARRAMBIDE, (VI) el señor JOSÉ LUIS MAS PONCE en representación de los señores YOLANDA MAS ARRAMBIDE y JOSÉ LUIS MAS ARRAMBIDE, quienes aceptan la herencia y se reconocen sus derechos hereditarios. Monterrey, Nuevo León, a 08 de Noviembre de 2023.
LIC. JOSÉ ALEJANDRO TREVIÑO CANO NOTARIO PÚBLICO TITULAR No.98 TECA-830831-ZI5
(3 y 13)
AVISO NOTARIAL
Con fecha 2 de Noviembre del 2023, se radicó en esta Notaría a mi cargo el juicio sucesorio testamentario a bienes del señor SALVADOR RODOLFO VILLARREAL ELIZONDO (también conocido como SALVADOR VILLARREAL ELIZONDO). Habiendo comparecido la señora REBECA CONTRERAS RODRÍGUEZ en su carácter de Única y Universal Heredera y Albacea, manifestando que acepta la herencia y el cargo conferido y que procederá a formular el inventario de los bienes. Se publica el presente aviso de acuerdo al artículo 882 del Código de Procedimientos Civiles vigente en el Estado. Monterrey, Nuevo León, a 7 de Noviembre del 2023.
LIC. CECILIA GUADALUPE FLORES LEAL NOTARIO PÚBLICO NO. 28 FOLC791009-177
(3 y 13)
AVISO NOTARIAL
ACTA FUERA DE PROTOCOLO NÚMERO 040/64,335/2023 COMPARECIÓ ANTE ESTA NOTARÍA PÚBLICA A MI CARGO JUANA FRANCISCA RODRÍGUEZ VILLANUEVA y/o FRANCISCA RODRÍGUEZ VILLANUEVA COMO ALBACEA DENUNCIANDO LA SUCESIÓN INTESTAMENTARIA A BIENES DE ÁNGEL PORTALES MARTÍNEZ, EXHIBIENDOME LAS ACTAS DE DEFUNCIÓN Y NACIMIENTO, MANIFESTANDO QUE ACEPTA EL CARGO DE ALBACEA Y LOS BIENES DE LA HERENCIA, ASÍ MISMO EXPRESA QUE VA A PROCEDER A FORMULAR EL INVENTARIO Y AVALÚO DE LOS BIENES QUE CONSTITUYEN EL ACERVO HEREDITARIO. LO QUE SE DA A CONOCER EN ESTA FORMA POR MEDIO DE DOS PUBLICACIONES. Monterrey, N.L. a 19 DE SEPTIEMBRE DE 2023.
LIC. JUAN RODRIGO FERNÁNDEZ GUZMÁN NOTARIO PÚBLICO NÚM. 40 FEGJ640427-G57
(3 y 13)
EDICTO
En fecha 18 dieciocho de octubre del año 2023 dos mil veintitrés, se admitió a trámite el expediente judicial número 2179/2022 relativo juicio sucesorio de intestado a bienes de Víctor Ramírez Mercado; en el cual se ordenó la publicación de un edicto por una sola vez tanto en el Boletín Judicial, como en el periódico El Porvenir que se edita en la Entidad, convocándose a los que se crean con derecho a la masa hereditaria, a fin de que acudan a deducirlo ante esta Autoridad, en el término de 30 treinta días contados a partir del siguiente al de la publicación del edicto ordenado. DOY FE.- GUADALUPE, NUEVO LEÓN A 1 UNO DE NOVIEMBRE DEL AÑO 2023 DOS MIL VEINTITRÉS.
JÉSSICA VIELMA TORRES C. SECRETARIO ADSCRITO AL JUZGADO PRIMERO DE LO FAMILIAR DEL SEGUNDO DISTRITO JUDICIAL
(13)
EDICTO
En fecha 11 once de octubre de 2023 dos mil veintitrés, se admitió en este Juzgado Segundo de lo Familiar del Primer Distrito Judicial en el Estado, bajo el número de expediente 1113/2023, relativo al juicio sucesorio de intestado especial a bienes de Eduardo Gilbert Martínez, ordenándose la publicación de un edicto por una sola vez en el Periódico El Porvenir que se edita en esta Ciudad, a fin de convocar a todas aquellas personas que se crean con derecho a la herencia para que dentro del término de 10-diez días comparezcan a deducirlo ante esta Autoridad, en el término de 10-diez días contados a partir de la publicación del edicto. Monterrey, Nuevo León, a 03 de noviembre de 2023.
LIC. JENIFFER ITZEL MIGUEZ SÁNCHEZ CIUDADANA SECRETARIO ADSCRITO AL JUZGADO SEGUNDO FAMILIAR DEL PRIMER DISTRITO JUDICIAL EN EL ESTADO.
(13)
PUBLICACIÓN NOTARIAL
En los términos del artículo 882 (ochocientos ochenta y dos), del Código de Procedimientos Civiles del Estado de Nuevo León, HAGO CONSTAR: La apertura en esta Notaría a mi digno cargo, del Procedimiento Sucesorio Testamentario Extrajudicial a bienes de MANUEL ANTONIO ZANELLA LÓPEZ, Y AMPARO GARZA SOLÍS, SALAS, también conocida como AMPARO GARZA SOLÍS DE ZANELLA, quien acredita sus derechos hereditarios y acepta la herencia, así mismo se designa como ALBACEA al señor MIGUEL ÁNGEL SOLÍS GARZA, manifestando que acepta el cargo de Albacea, protesta su fiel y legal desempeño y procederá a formular el inventario de los bienes que forman el acervo hereditario. Monterrey, Nuevo León, a 07 de Noviembre de 2023.
LICENCIADO JAVIER GARCÍA URRUTIA NOTARIO PÚBLICO TITULAR NÚMERO 72
(3 y 13)
PUBLICACIÓN NOTARIAL
En los términos del artículo 882 (ochocientos ochenta y dos), del Código de Procedimientos Civiles del Estado de Nuevo León, HAGO CONSTAR: La apertura en esta Notaría a mi digno cargo, del Procedimiento Sucesorio Testamentario Extrajudicial a bienes de MARIA DEL CARMEN GARCÍA OROZCO y BONIFACIO LOERA BERMÚDEZ y se declararon que son sus herederos los señores RITA ELIZABETH ESPINOSA GARCÍA, FERNANDA PATRICIA LOERA GARCÍA, MARTHA MAGDALENA LOERA GARCÍA, RUBÉN LOERA GARCÍA Y HUGO HORACIO LOERA GARCÍA, en su carácter de Únicos y Universales Herederos Legítimos. Monterrey, Nuevo León, a 27 de Octubre del 2023.
LICENCIADO JAVIER GARCÍA URRUTIA NOTARIO PÚBLICO TITULAR NÚMERO 72
(3 y 13)
PUBLICACIÓN NOTARIAL
En los términos del artículo 882 (ochocientos ochenta y dos) del Código de Procedimientos Civiles del Estado de Nuevo León, HAGO CONSTAR: La apertura en esta Notaría a mi digno cargo, del Procedimiento Sucesorio Testamentario Extrajudicial a bienes de MARÍA DE LA GARZA MENDOZA y se declararon que son sus herederos los señores JUAN ARMANDO FLORES SERNA Y HORACIO CESAR FLORES SERNA, en su carácter de Únicos y Universales Herederos Testamentarios, y asimismo se designa como ALBACEA al señor HORACIO CESAR FLORES SERNA, manifestando que acepta el cargo conferido. Monterrey, Nuevo León, a 27 de Octubre del 2023.
LICENCIADO JAVIER GARCÍA URRUTIA NOTARIO PÚBLICO TITULAR NÚMERO 72
(3 y 13)
EDICTO
En fecha 19 diecinueve de octubre del año 2023 dos mil veintitrés, se admitió a trámite el expediente judicial número 1941/2023 relativo al juicio sucesorio especial de intestado a bienes de Juan Martín Hernández Ávila, en el cual se ordenó la publicación de un edicto por una sola vez en el periódico El Porvenir que se edita en la capital del Estado, mediante el cual se convoca a todas aquellas personas que se consideren con derecho a la herencia, a fin de que acudan a deducirlo en el término de 10 diez días. DOY FE.- 31 TREINTA Y UNO DE OCTUBRE DEL AÑO 2023 DOS MIL VEINTITRÉS.
LIC. C. SECRETARIO ADSCRITO AL JUZGADO PRIMERO DE LO FAMILIAR DEL SEGUNDO DISTRITO JUDICIAL EN EL ESTADO. LIC. JESSICA VIELMA TORRES.
(13)
EDICTO
En fecha 24 veinticuatro de octubre del año 2023 dos mil veintitrés, dentro de los autos del expediente judicial número 2022/2023 relativo al juicio sucesorio de intestado a bienes de Benigno Tapia Pérez y Fernando Tapia Castillo y testamentario a bienes de Alejandro Tapia Castillo denunciado por Clara Julieta Tapia Castillo; se ordenó la publicación de un edicto por una sola vez tanto en el Boletín Judicial como en el periódico El Porvenir, convocando a los que se crean con derecho a la masa hereditaria, a fin de que acudan a deducirlo en el término de 30 treinta días. Monterrey, Nuevo León a 30 de octubre del año 2023.
EL C. SECRETARIO ADSCRITO AL JUZGADO QUINTO DE LO FAMILIAR DEL PRIMER DISTRITO JUDICIAL EN EL ESTADO. LIC. JORGE ARMANDO GONZÁLEZ RIVERA.
(13)
AVISO
En fecha 22 veintidós de Septiembre de 2023 dos mil veintitrés, se radicó en esta Notaría a mi cargo, en acta fuera de protocolo número 007/76192/23, la Sucesión Legítima por vía Extrajudicial de CARLOS DE LEÓN BENÍTEZ, CARMEN SALDAÑA GUERRA, GERARDO JESÚS DE LEÓN SALDAÑA y JUAN DE LEÓN SALDAÑA, denunciada por los señores RICARDO EUGENIO, LUIS JAVIER y MARÍA DEL CARMEN de apellidos DE LEÓN SALDAÑA, quienes aceptan la herencia y el cargo de Albacea. Linares, N.L., a 22 de Septiembre de 2023.
LIC. MANUEL JOSÉ PEÑA DORIA NOTARIO PÚBLICO EN EJERCICIO TITULAR DE LA NOTARÍA NÚMERO 7
(13 y 23)
